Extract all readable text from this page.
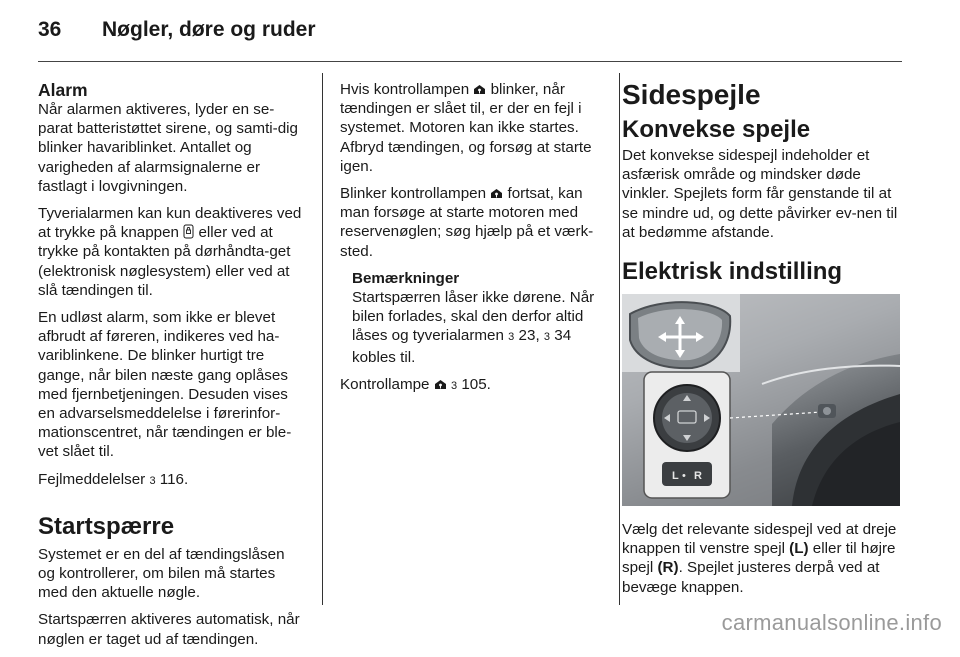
36	Nøgler, døre og ruder
Alarm

Når alarmen aktiveres, lyder en se-parat batteristøttet sirene, og samti-dig blinker havariblinket. Antallet og varigheden af alarmsignalerne er fastlagt i lovgivningen.

Tyverialarmen kan kun deaktiveres ved at trykke på knappen  eller ved at trykke på kontakten på dørhåndta-get (elektronisk nøglesystem) eller ved at slå tændingen til.

En udløst alarm, som ikke er blevet afbrudt af føreren, indikeres ved ha-variblinkene. De blinker hurtigt tre gange, når bilen næste gang oplåses med fjernbetjeningen. Desuden vises en advarselsmeddelelse i førerinfor-mationscentret, når tændingen er ble-vet slået til.

Fejlmeddelelser 3 116.

Startspærre

Systemet er en del af tændingslåsen og kontrollerer, om bilen må startes med den aktuelle nøgle.

Startspærren aktiveres automatisk, når nøglen er taget ud af tændingen.

Hvis kontrollampen  blinker, når tændingen er slået til, er der en fejl i systemet. Motoren kan ikke startes. Afbryd tændingen, og forsøg at starte igen.

Blinker kontrollampen  fortsat, kan man forsøge at starte motoren med reservenøglen; søg hjælp på et værk-sted.

Bemærkninger
Startspærren låser ikke dørene. Når bilen forlades, skal den derfor altid låses og tyverialarmen 3 23, 3 34 kobles til.

Kontrollampe  3 105.

Sidespejle
Konvekse spejle

Det konvekse sidespejl indeholder et asfærisk område og mindsker døde vinkler. Spejlets form får genstande til at se mindre ud, og dette påvirker ev-nen til at bedømme afstande.

Elektrisk indstilling
L • R

Vælg det relevante sidespejl ved at dreje knappen til venstre spejl (L) eller til højre spejl (R). Spejlet justeres derpå ved at bevæge knappen.

carmanualsonline.info
